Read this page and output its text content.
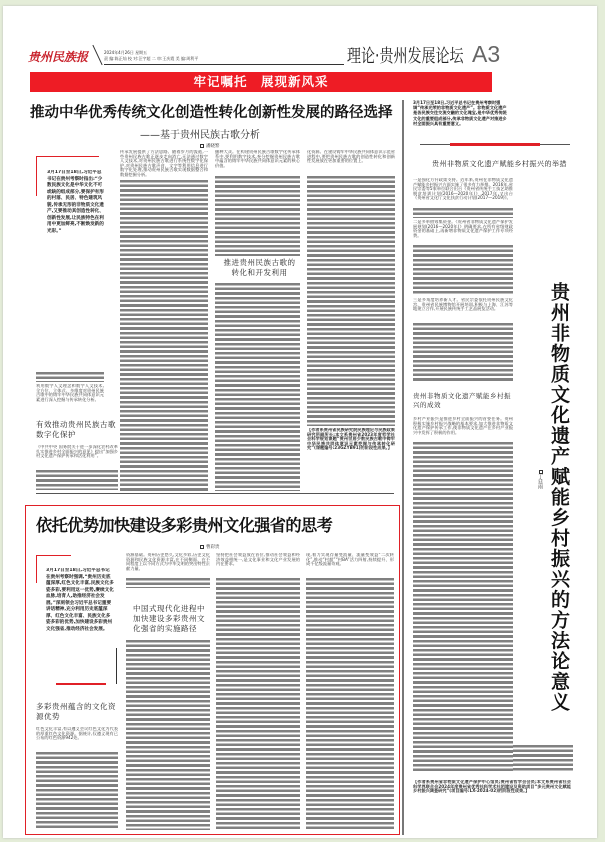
贵州民族报	2024年4月26日 星期五
责 编:陈正灿 校 对:汪宇超 二 审:王庆霞 美 编:周利平	理论·贵州发展论坛 A3
牢记嘱托　展现新风采
推动中华优秀传统文化创造性转化创新性发展的路径选择
——基于贵州民族古歌分析
潘晓繁
3月17日至18日,习近平总书记在贵州考察时指出:“少数民族文化是中华文化不可或缺的组成部分,要保护有形的村落、民居、特色建筑风貌,传承无形的非物质文化遗产,又要推动其创造性转化、创新性发展,让民族特色在利用中更加鲜亮,不断焕发新的光彩。”
传承发展提供了方法思路。随着岁月的流逝,一些贵州民族古歌正逐步走向消亡,无法通过数字人文技术,对贵州民族古歌进行系统性数字化保护,对贵州民族古歌声音、文字等利用信息进行数字化处理,推动贵州民族古歌实现数据整合和数据挖掘分析。
播种大众。在构建贵州民族古歌数字化传承体系中,要利用数字技术,充分挖掘贵州民族古歌中蕴含的铸牢中华民族共同体意识元素的核心价值。
推进贵州民族古歌的转化和开发利用
化资源。在建设铸牢中华民族共同体意识示范省进程中,要把贵州民族古歌的创造性转化和创新性发展放在更加重要的位置上。
【作者系贵州省民族研究院民族理论与民族政策研究所副所长;本文系贵州省2023年度哲学社会科学规划课题“贵州世居少数民族古歌中铸牢中华民族共同体意识元素挖掘与传承转化研究”(课题编号:23GZYB91)的阶段性成果。】
利用数字人文理念和数字人文技术,全方位、立体式、多维度对贵州民族古歌中的铸牢中华民族共同体意识元素进行深入挖掘与传承转化分析。
有效推动贵州民族古歌数字化保护
《中共中央 国务院关于进一步深化农村改革 扎实推进乡村全面振兴的意见》提出“加强乡村文化遗产保护传承和活化利用”。
依托优势加快建设多彩贵州文化强省的思考
曹彩贵
3月17日至18日,习近平总书记在贵州考察时强调,“贵州历史底蕴深厚,红色文化丰富,民族文化多姿多彩,要利用这一优势,赓续文化血脉,培育人,助推经济社会发展。”深刻领会习近平总书记重要讲话精神,充分利用历史底蕴深厚、红色文化丰富、民族文化多姿多彩的优势,加快建设多彩贵州文化强省,推动经济社会发展。
多彩贵州蕴含的文化资源优势
红色文化丰富,有以遵义会议红色文化为代表的厚重红色文化资源。据统计,仅遵义现有已公布的红色资源942处。
资源基础。贵州历史悠久,文化多彩,历史文化资源和民族文化资源丰富,在不同侧面、在不同程度上以不同方式为中华文明的突出特性贡献力量。
中国式现代化进程中加快建设多彩贵州文化强省的实施路径
坚持把社会效益放在首位,推动社会效益和经济效益相统一,是文化事业和文化产业发展的内在要求。
现,着力实现存量变流量、流量变效益“二次转化”,推动“村超”“村BA”活力四射,持续提升、形成千亿级流量奇观。
3月17日至18日,习近平总书记在贵州考察时强调“传承光荣的非物质文化遗产”。非物质文化遗产是各民族交往交流交融的文化瑰宝,是中华优秀传统文化的重要组成部分,传承非物质文化遗产对推进乡村全面振兴具有重要意义。
贵州非物质文化遗产赋能乡村振兴的举措
一是强化方针政策支持。近年来,贵州在非物质文化遗产赋能乡村振兴方面实施了很多有力举措。2016年,省民宗委等5家单位联合出台《贵州省传统手工技艺助推脱贫培训计划(2016—2020年)》,2017年,又出台《贵州省文化厅文化扶贫行动计划(2017—2019)》。
二是多举措筹集资金。《贵州省非物质文化遗产保护发展规划(2016—2020年)》明确要求,在所有省级财政资金的基础上,再新增非物质文化遗产保护工作专项经费。
三是多角度培养新人才。省民宗委依托贵州民族文化宫、贵州省民族博物馆开展培训,积极与上海、江苏等地建立合作,开展民族传统手工艺品展览活动。
贵州非物质文化遗产赋能乡村振兴的成效
乡村产业振兴是推进乡村全面振兴的首要任务。贵州积极实施乡村振兴战略的基本要求,加大推进非物质文化遗产保护传承工作,使非物质文化遗产在乡村产业振兴中发挥了积极的作用。
【作者系贵州省非物质文化遗产保护中心馆员;贵州省哲学会会员;本文系贵州省社会科学界联合会2024年度贵州省优秀社科学术社团建设及资助项目“多元贵州文化赋能乡村振兴调查研究”(项目编号:LX-2024-02)的阶段性成果。】
贵州非物质文化遗产赋能乡村振兴的方法论意义
丁廷雨
